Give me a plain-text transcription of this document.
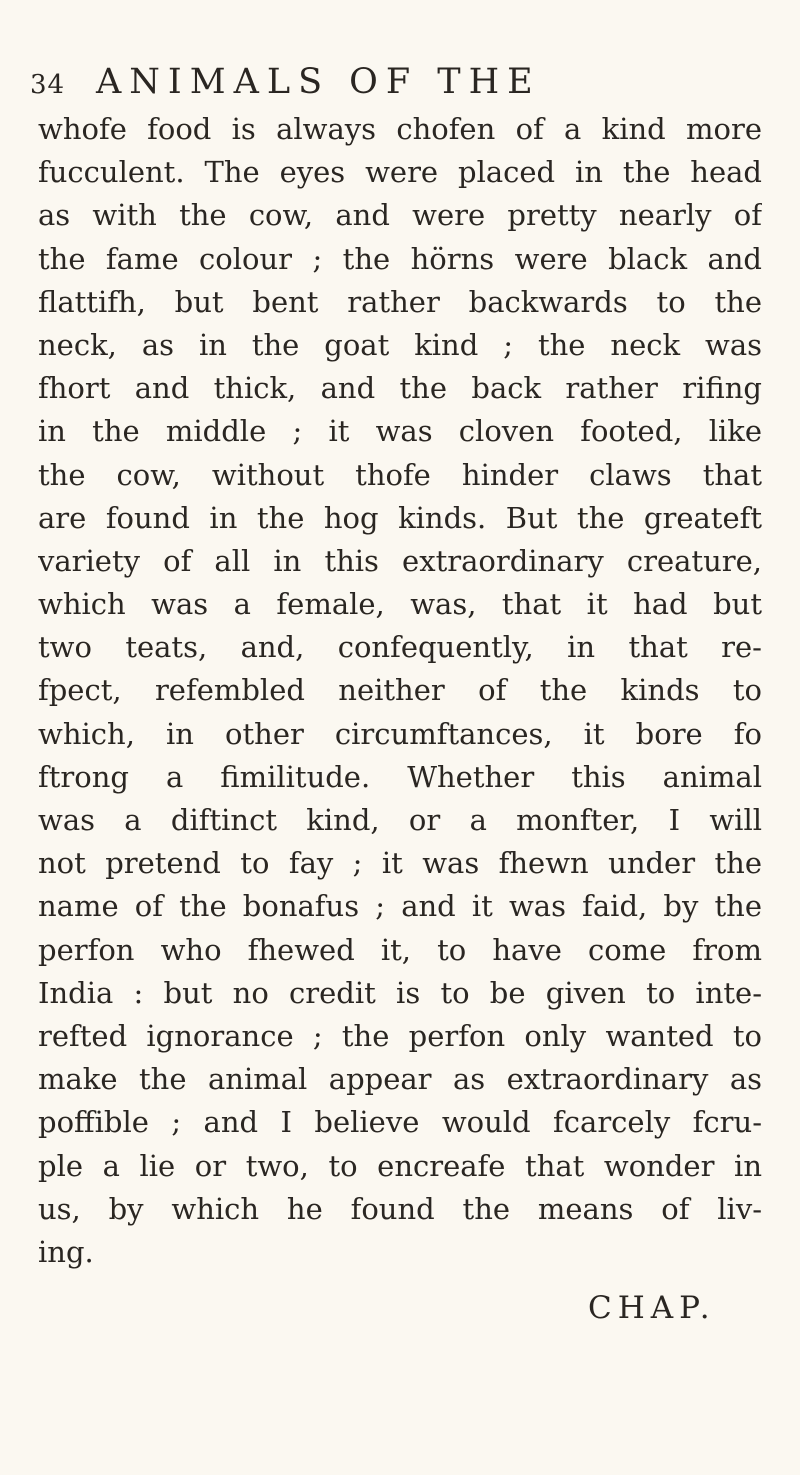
34 ANIMALS OF THE
whofe food is always chofen of a kind more
fucculent. The eyes were placed in the head
as with the cow, and were pretty nearly of
the fame colour ; the hörns were black and
flattifh, but bent rather backwards to the
neck, as in the goat kind ; the neck was
fhort and thick, and the back rather rifing
in the middle ; it was cloven footed, like
the cow, without thofe hinder claws that
are found in the hog kinds. But the greateft
variety of all in this extraordinary creature,
which was a female, was, that it had but
two teats, and, confequently, in that re-
fpect, refembled neither of the kinds to
which, in other circumftances, it bore fo
ftrong a fimilitude. Whether this animal
was a diftinct kind, or a monfter, I will
not pretend to fay ; it was fhewn under the
name of the bonafus ; and it was faid, by the
perfon who fhewed it, to have come from
India : but no credit is to be given to inte-
refted ignorance ; the perfon only wanted to
make the animal appear as extraordinary as
poffible ; and I believe would fcarcely fcru-
ple a lie or two, to encreafe that wonder in
us, by which he found the means of liv-
ing.
CHAP.
